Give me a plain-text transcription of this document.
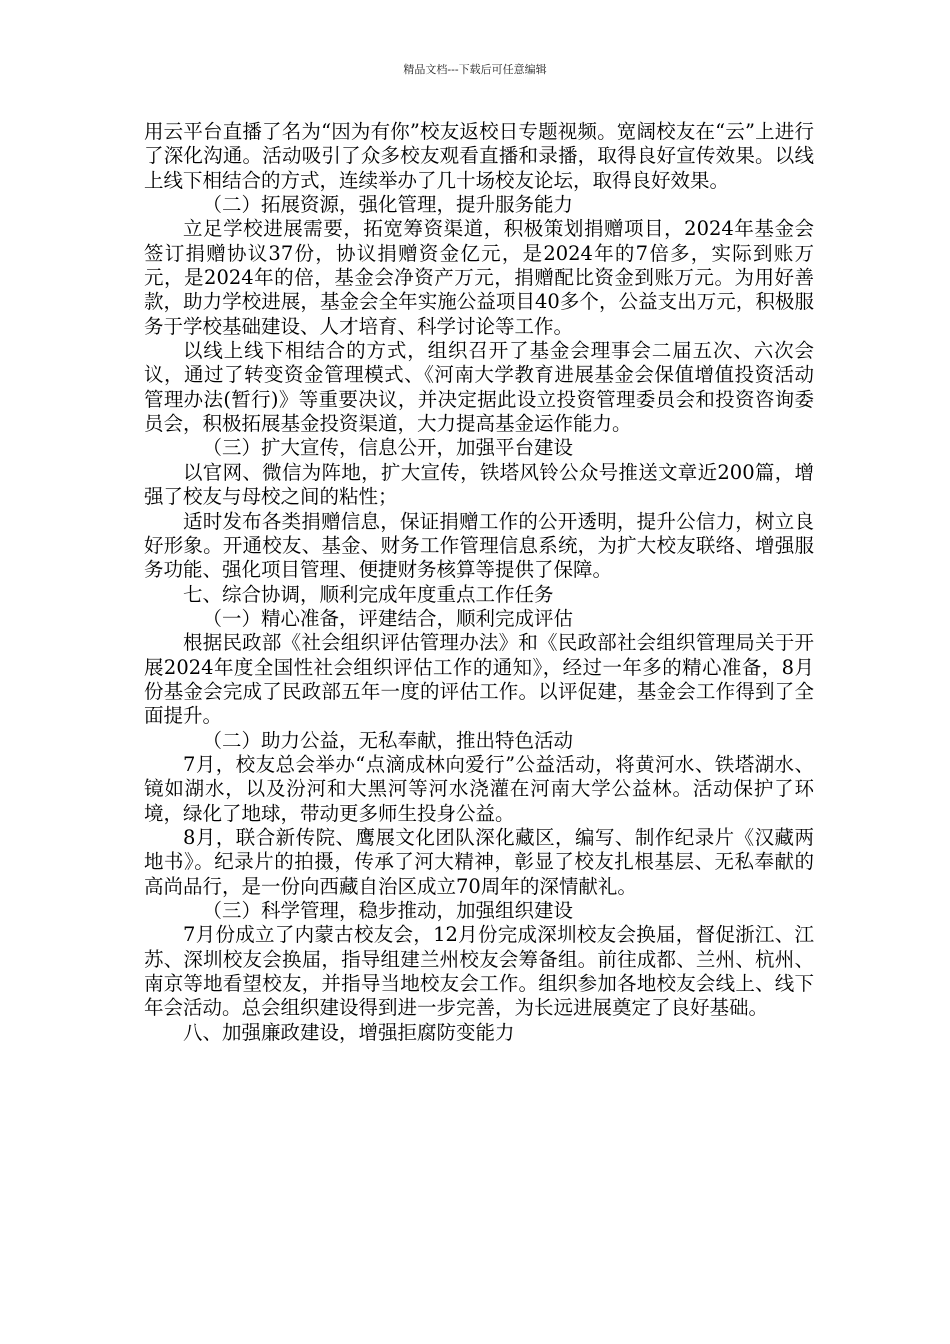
精品文档---下载后可任意编辑

用云平台直播了名为“因为有你”校友返校日专题视频。宽阔校友在“云”上进行了深化沟通。活动吸引了众多校友观看直播和录播，取得良好宣传效果。以线上线下相结合的方式，连续举办了几十场校友论坛，取得良好效果。

（二）拓展资源，强化管理，提升服务能力

立足学校进展需要，拓宽筹资渠道，积极策划捐赠项目，2024年基金会签订捐赠协议37份，协议捐赠资金亿元，是2024年的7倍多，实际到账万元，是2024年的倍，基金会净资产万元，捐赠配比资金到账万元。为用好善款，助力学校进展，基金会全年实施公益项目40多个，公益支出万元，积极服务于学校基础建设、人才培育、科学讨论等工作。

以线上线下相结合的方式，组织召开了基金会理事会二届五次、六次会议，通过了转变资金管理模式、《河南大学教育进展基金会保值增值投资活动管理办法(暂行)》等重要决议，并决定据此设立投资管理委员会和投资咨询委员会，积极拓展基金投资渠道，大力提高基金运作能力。

（三）扩大宣传，信息公开，加强平台建设

以官网、微信为阵地，扩大宣传，铁塔风铃公众号推送文章近200篇，增强了校友与母校之间的粘性；

适时发布各类捐赠信息，保证捐赠工作的公开透明，提升公信力，树立良好形象。开通校友、基金、财务工作管理信息系统，为扩大校友联络、增强服务功能、强化项目管理、便捷财务核算等提供了保障。

七、综合协调，顺利完成年度重点工作任务

（一）精心准备，评建结合，顺利完成评估

根据民政部《社会组织评估管理办法》和《民政部社会组织管理局关于开展2024年度全国性社会组织评估工作的通知》，经过一年多的精心准备，8月份基金会完成了民政部五年一度的评估工作。以评促建，基金会工作得到了全面提升。

（二）助力公益，无私奉献，推出特色活动

7月，校友总会举办“点滴成林向爱行”公益活动，将黄河水、铁塔湖水、镜如湖水，以及汾河和大黑河等河水浇灌在河南大学公益林。活动保护了环境，绿化了地球，带动更多师生投身公益。

8月，联合新传院、鹰展文化团队深化藏区，编写、制作纪录片《汉藏两地书》。纪录片的拍摄，传承了河大精神，彰显了校友扎根基层、无私奉献的高尚品行，是一份向西藏自治区成立70周年的深情献礼。

（三）科学管理，稳步推动，加强组织建设

7月份成立了内蒙古校友会，12月份完成深圳校友会换届，督促浙江、江苏、深圳校友会换届，指导组建兰州校友会筹备组。前往成都、兰州、杭州、南京等地看望校友，并指导当地校友会工作。组织参加各地校友会线上、线下年会活动。总会组织建设得到进一步完善，为长远进展奠定了良好基础。

八、加强廉政建设，增强拒腐防变能力
